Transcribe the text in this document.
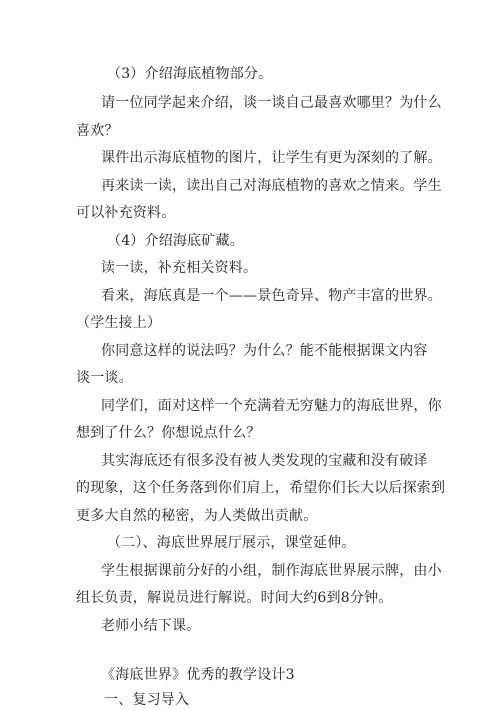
（3）介绍海底植物部分。
请一位同学起来介绍，谈一谈自己最喜欢哪里？为什么
喜欢？
课件出示海底植物的图片，让学生有更为深刻的了解。
再来读一读，读出自己对海底植物的喜欢之情来。学生
可以补充资料。
（4）介绍海底矿藏。
读一读，补充相关资料。
看来，海底真是一个——景色奇异、物产丰富的世界。
（学生接上）
你同意这样的说法吗？为什么？能不能根据课文内容
谈一谈。
同学们，面对这样一个充满着无穷魅力的海底世界，你
想到了什么？你想说点什么？
其实海底还有很多没有被人类发现的宝藏和没有破译
的现象，这个任务落到你们肩上，希望你们长大以后探索到
更多大自然的秘密，为人类做出贡献。
（二）、海底世界展厅展示，课堂延伸。
学生根据课前分好的小组，制作海底世界展示牌，由小
组长负责，解说员进行解说。时间大约6到8分钟。
老师小结下课。
《海底世界》优秀的教学设计3
一、复习导入
